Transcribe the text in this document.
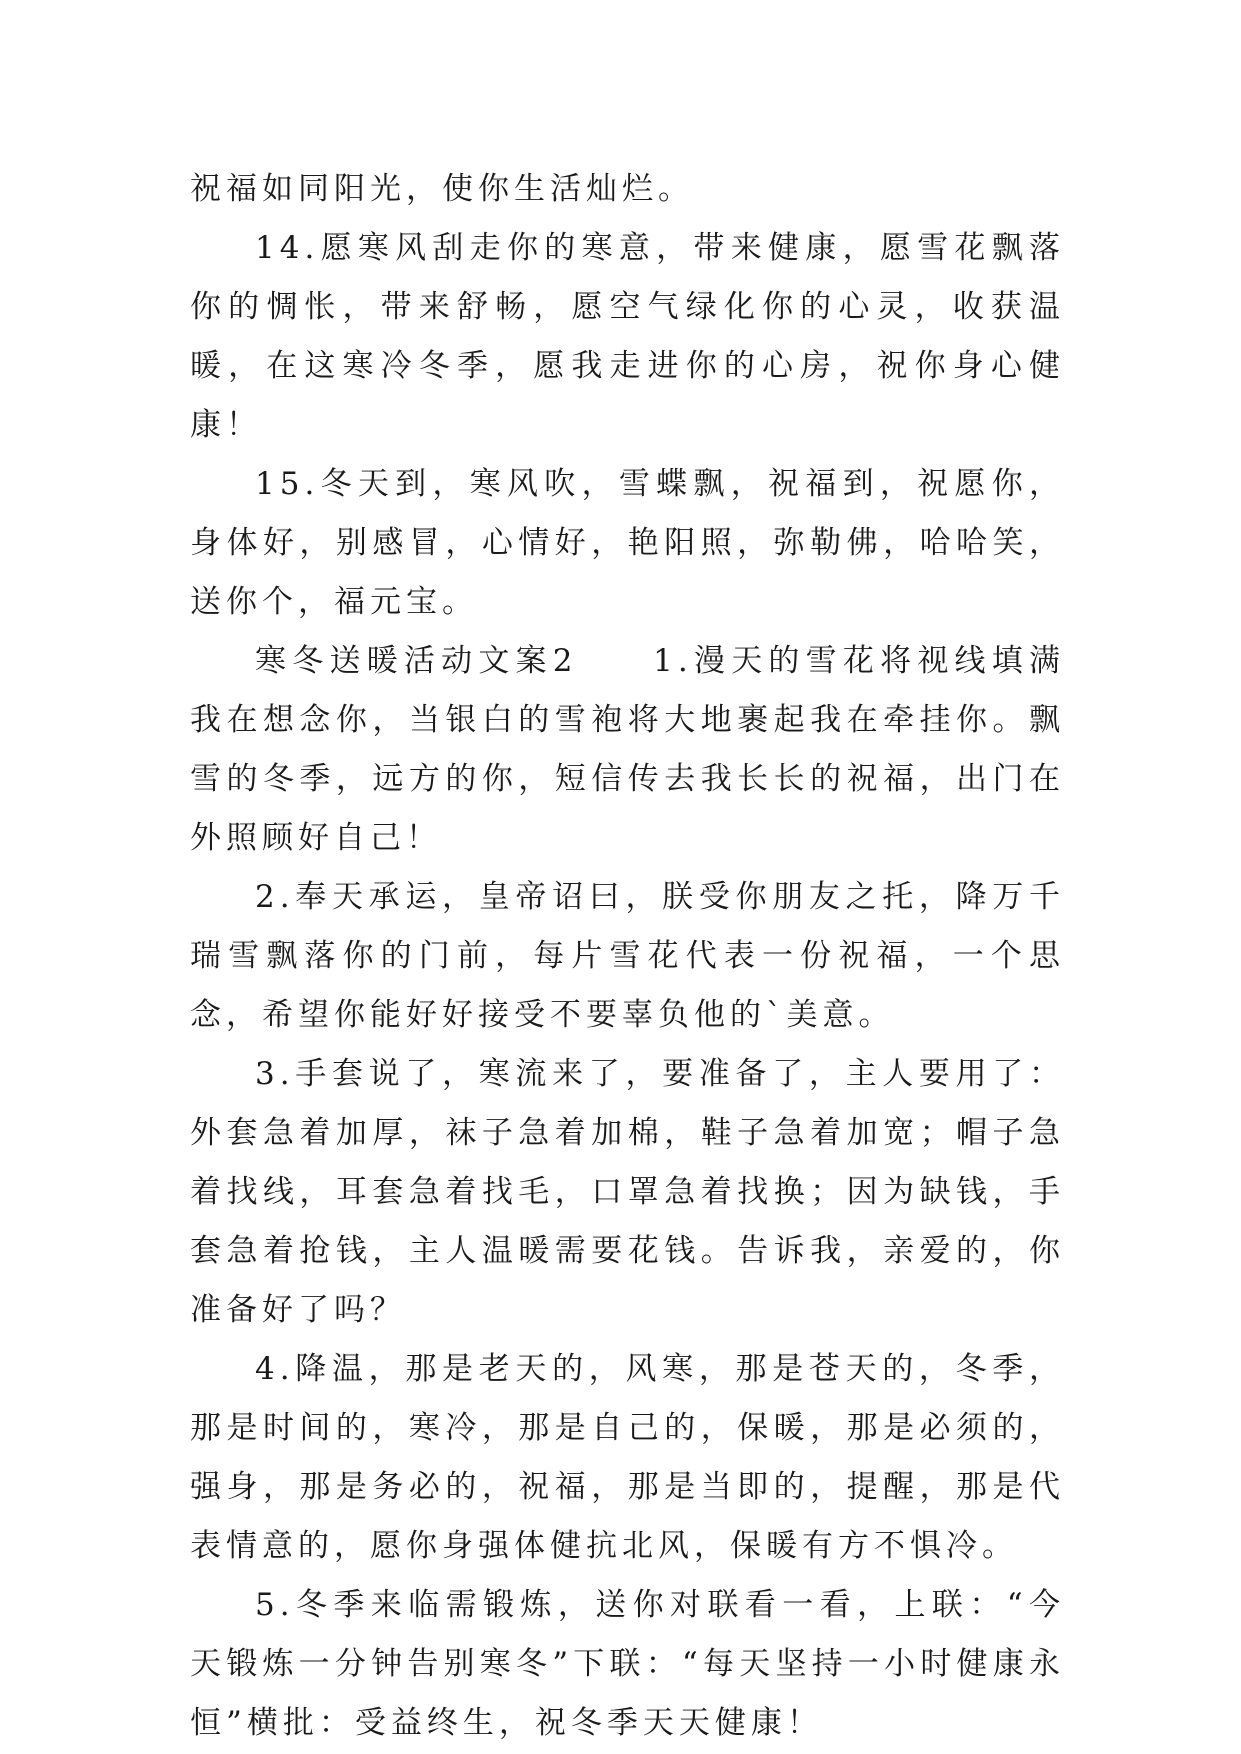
祝福如同阳光，使你生活灿烂。

14.愿寒风刮走你的寒意，带来健康，愿雪花飘落你的惆怅，带来舒畅，愿空气绿化你的心灵，收获温暖，在这寒冷冬季，愿我走进你的心房，祝你身心健康！

15.冬天到，寒风吹，雪蝶飘，祝福到，祝愿你，身体好，别感冒，心情好，艳阳照，弥勒佛，哈哈笑，送你个，福元宝。

寒冬送暖活动文案2　　1.漫天的雪花将视线填满我在想念你，当银白的雪袍将大地裹起我在牵挂你。飘雪的冬季，远方的你，短信传去我长长的祝福，出门在外照顾好自己！

2.奉天承运，皇帝诏曰，朕受你朋友之托，降万千瑞雪飘落你的门前，每片雪花代表一份祝福，一个思念，希望你能好好接受不要辜负他的`美意。

3.手套说了，寒流来了，要准备了，主人要用了：外套急着加厚，袜子急着加棉，鞋子急着加宽；帽子急着找线，耳套急着找毛，口罩急着找换；因为缺钱，手套急着抢钱，主人温暖需要花钱。告诉我，亲爱的，你准备好了吗？

4.降温，那是老天的，风寒，那是苍天的，冬季，那是时间的，寒冷，那是自己的，保暖，那是必须的，强身，那是务必的，祝福，那是当即的，提醒，那是代表情意的，愿你身强体健抗北风，保暖有方不惧冷。

5.冬季来临需锻炼，送你对联看一看，上联：“今天锻炼一分钟告别寒冬”下联：“每天坚持一小时健康永恒”横批：受益终生，祝冬季天天健康！
